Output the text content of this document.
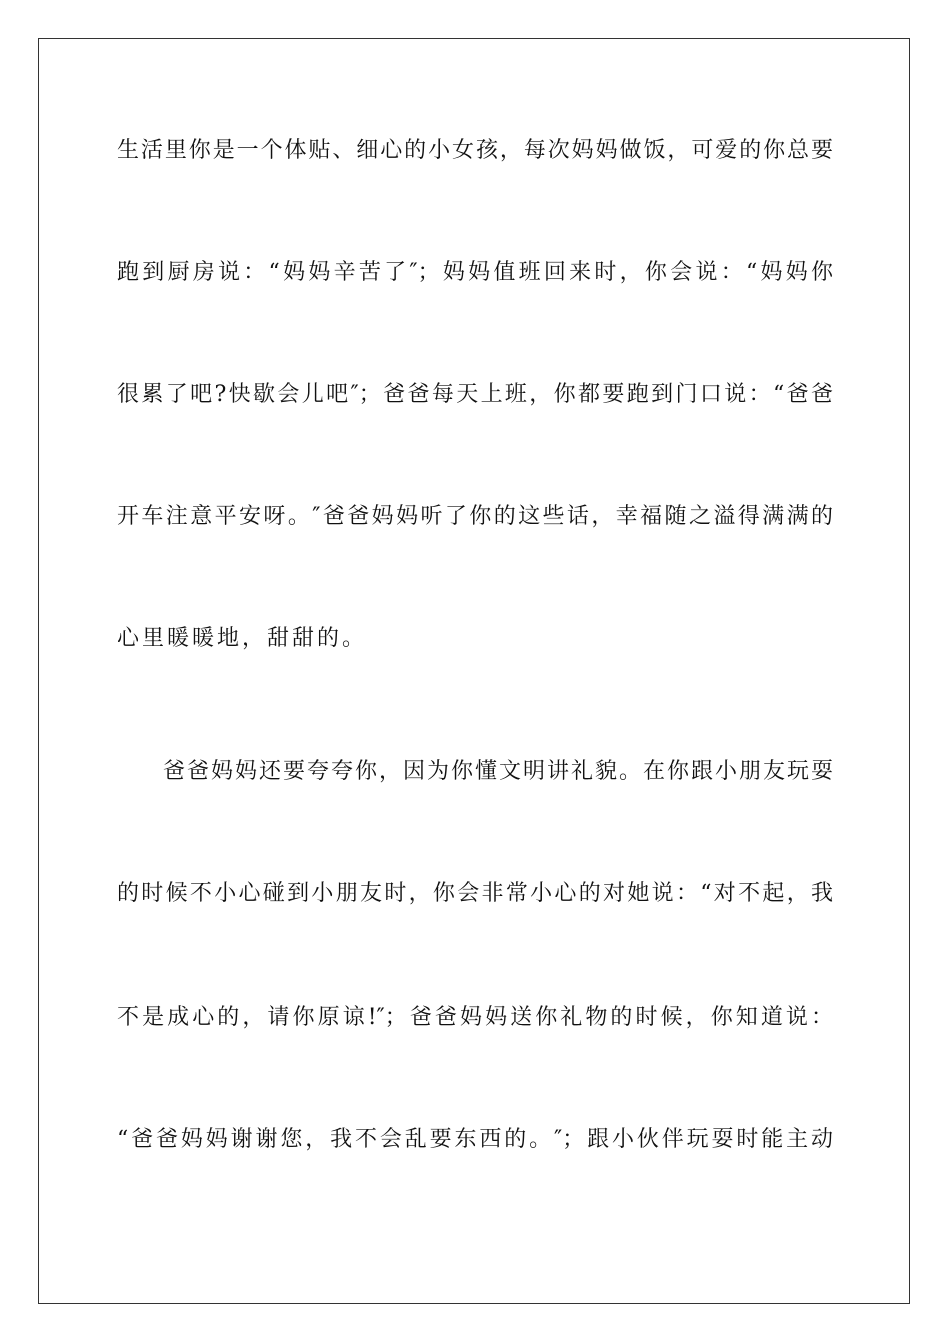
生活里你是一个体贴、细心的小女孩，每次妈妈做饭，可爱的你总要
跑到厨房说：“妈妈辛苦了″；妈妈值班回来时，你会说：“妈妈你
很累了吧?快歇会儿吧″；爸爸每天上班，你都要跑到门口说：“爸爸
开车注意平安呀。″爸爸妈妈听了你的这些话，幸福随之溢得满满的
心里暖暖地，甜甜的。
爸爸妈妈还要夸夸你，因为你懂文明讲礼貌。在你跟小朋友玩耍
的时候不小心碰到小朋友时，你会非常小心的对她说：“对不起，我
不是成心的，请你原谅!″；爸爸妈妈送你礼物的时候，你知道说：
“爸爸妈妈谢谢您，我不会乱要东西的。″；跟小伙伴玩耍时能主动
